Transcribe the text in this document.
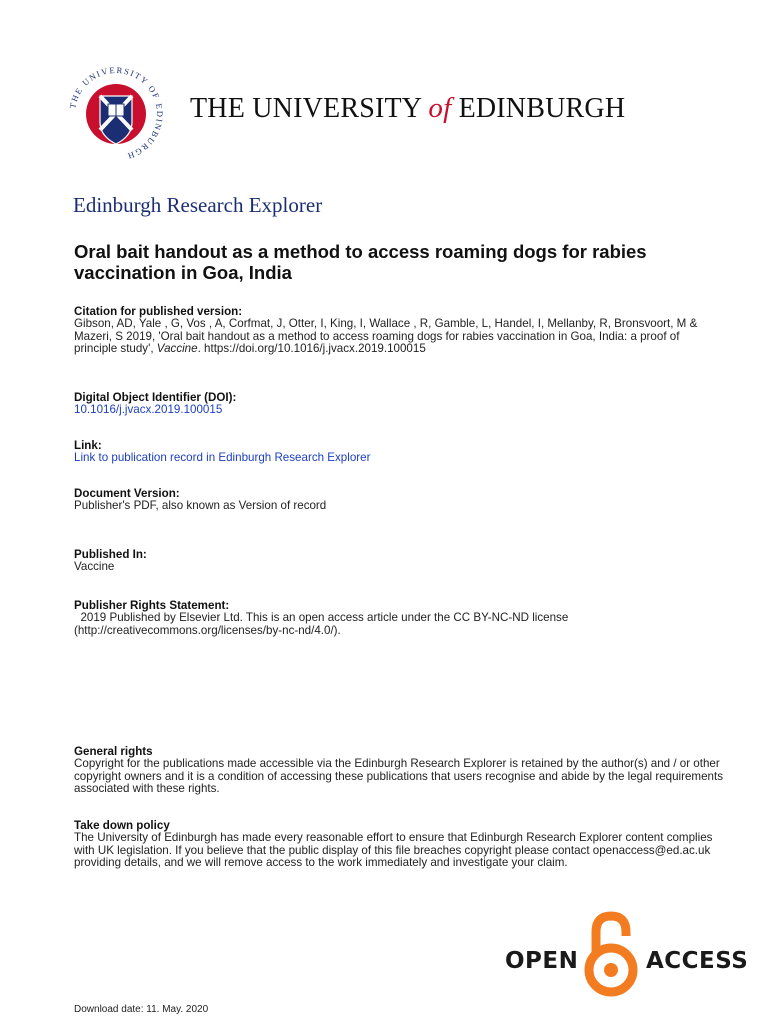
THE UNIVERSITY OF EDINBURGH
THE UNIVERSITY of EDINBURGH
Edinburgh Research Explorer
Oral bait handout as a method to access roaming dogs for rabies vaccination in Goa, India
Citation for published version:
Gibson, AD, Yale , G, Vos , A, Corfmat, J, Otter, I, King, I, Wallace , R, Gamble, L, Handel, I, Mellanby, R, Bronsvoort, M & Mazeri, S 2019, 'Oral bait handout as a method to access roaming dogs for rabies vaccination in Goa, India: a proof of principle study', Vaccine. https://doi.org/10.1016/j.jvacx.2019.100015
Digital Object Identifier (DOI):
10.1016/j.jvacx.2019.100015
Link:
Link to publication record in Edinburgh Research Explorer
Document Version:
Publisher's PDF, also known as Version of record
Published In:
Vaccine
Publisher Rights Statement:
2019 Published by Elsevier Ltd. This is an open access article under the CC BY-NC-ND license (http://creativecommons.org/licenses/by-nc-nd/4.0/).
General rights
Copyright for the publications made accessible via the Edinburgh Research Explorer is retained by the author(s) and / or other copyright owners and it is a condition of accessing these publications that users recognise and abide by the legal requirements associated with these rights.
Take down policy
The University of Edinburgh has made every reasonable effort to ensure that Edinburgh Research Explorer content complies with UK legislation. If you believe that the public display of this file breaches copyright please contact openaccess@ed.ac.uk providing details, and we will remove access to the work immediately and investigate your claim.
OPEN	ACCESS
Download date: 11. May. 2020
